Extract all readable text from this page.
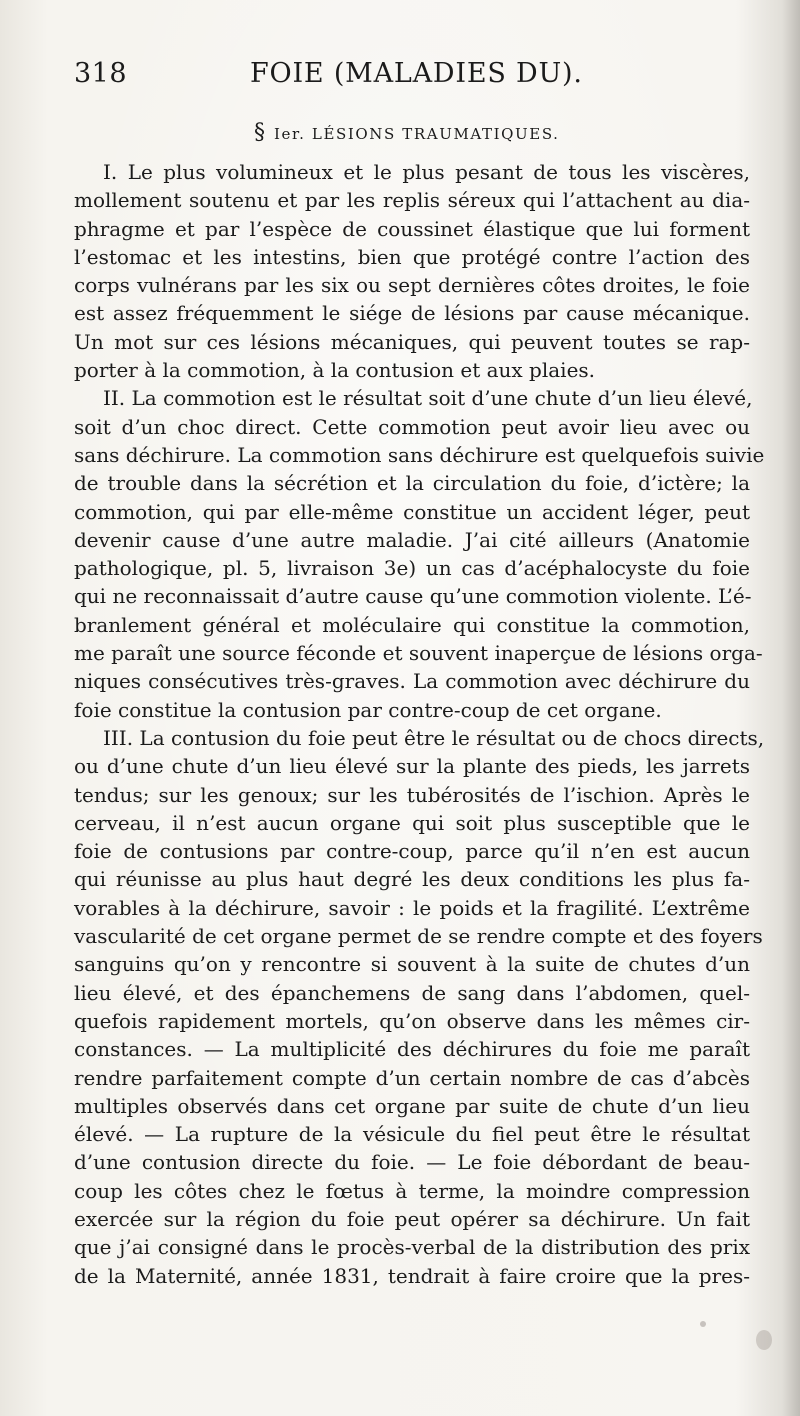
318	FOIE (MALADIES DU).
§ Ier. LÉSIONS TRAUMATIQUES.
I. Le plus volumineux et le plus pesant de tous les viscères,
mollement soutenu et par les replis séreux qui l’attachent au dia-
phragme et par l’espèce de coussinet élastique que lui forment
l’estomac et les intestins, bien que protégé contre l’action des
corps vulnérans par les six ou sept dernières côtes droites, le foie
est assez fréquemment le siége de lésions par cause mécanique.
Un mot sur ces lésions mécaniques, qui peuvent toutes se rap-
porter à la commotion, à la contusion et aux plaies.
II. La commotion est le résultat soit d’une chute d’un lieu élevé,
soit d’un choc direct. Cette commotion peut avoir lieu avec ou
sans déchirure. La commotion sans déchirure est quelquefois suivie
de trouble dans la sécrétion et la circulation du foie, d’ictère; la
commotion, qui par elle-même constitue un accident léger, peut
devenir cause d’une autre maladie. J’ai cité ailleurs (Anatomie
pathologique, pl. 5, livraison 3e) un cas d’acéphalocyste du foie
qui ne reconnaissait d’autre cause qu’une commotion violente. L’é-
branlement général et moléculaire qui constitue la commotion,
me paraît une source féconde et souvent inaperçue de lésions orga-
niques consécutives très-graves. La commotion avec déchirure du
foie constitue la contusion par contre-coup de cet organe.
III. La contusion du foie peut être le résultat ou de chocs directs,
ou d’une chute d’un lieu élevé sur la plante des pieds, les jarrets
tendus; sur les genoux; sur les tubérosités de l’ischion. Après le
cerveau, il n’est aucun organe qui soit plus susceptible que le
foie de contusions par contre-coup, parce qu’il n’en est aucun
qui réunisse au plus haut degré les deux conditions les plus fa-
vorables à la déchirure, savoir : le poids et la fragilité. L’extrême
vascularité de cet organe permet de se rendre compte et des foyers
sanguins qu’on y rencontre si souvent à la suite de chutes d’un
lieu élevé, et des épanchemens de sang dans l’abdomen, quel-
quefois rapidement mortels, qu’on observe dans les mêmes cir-
constances. — La multiplicité des déchirures du foie me paraît
rendre parfaitement compte d’un certain nombre de cas d’abcès
multiples observés dans cet organe par suite de chute d’un lieu
élevé. — La rupture de la vésicule du fiel peut être le résultat
d’une contusion directe du foie. — Le foie débordant de beau-
coup les côtes chez le fœtus à terme, la moindre compression
exercée sur la région du foie peut opérer sa déchirure. Un fait
que j’ai consigné dans le procès-verbal de la distribution des prix
de la Maternité, année 1831, tendrait à faire croire que la pres-
